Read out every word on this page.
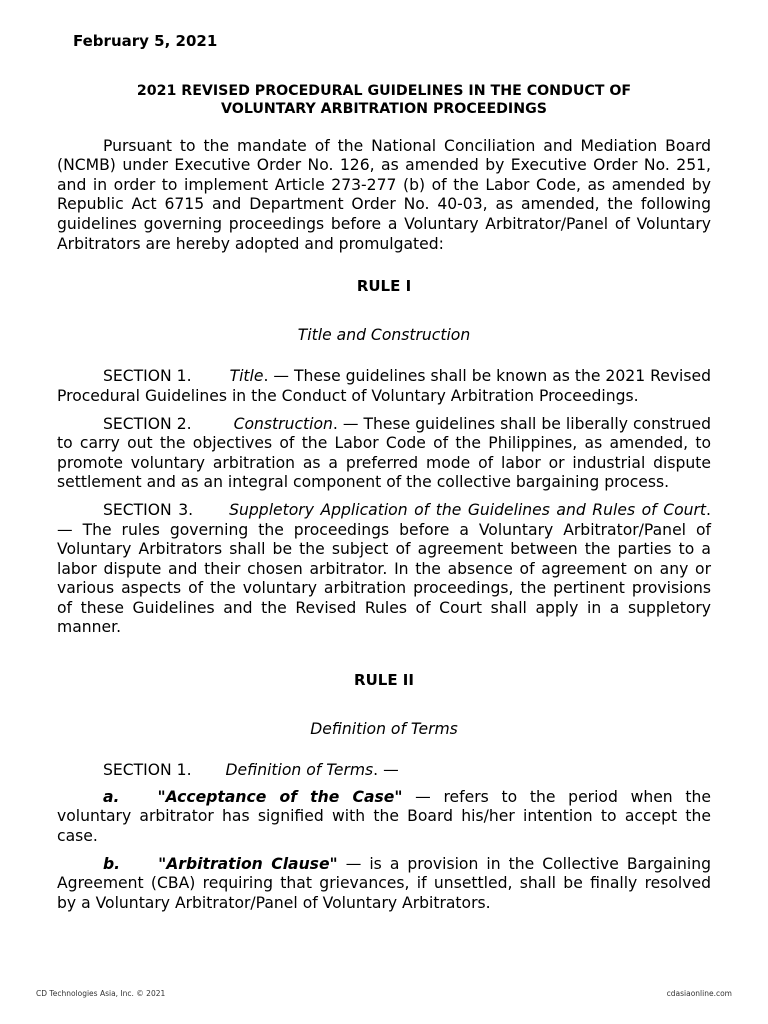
February 5, 2021
2021 REVISED PROCEDURAL GUIDELINES IN THE CONDUCT OF
VOLUNTARY ARBITRATION PROCEEDINGS

Pursuant to the mandate of the National Conciliation and Mediation Board (NCMB) under Executive Order No. 126, as amended by Executive Order No. 251, and in order to implement Article 273-277 (b) of the Labor Code, as amended by Republic Act 6715 and Department Order No. 40-03, as amended, the following guidelines governing proceedings before a Voluntary Arbitrator/Panel of Voluntary Arbitrators are hereby adopted and promulgated:

RULE I
Title and Construction

SECTION 1. Title. — These guidelines shall be known as the 2021 Revised Procedural Guidelines in the Conduct of Voluntary Arbitration Proceedings.

SECTION 2.	Construction. — These guidelines shall be liberally construed to carry out the objectives of the Labor Code of the Philippines, as amended, to promote voluntary arbitration as a preferred mode of labor or industrial dispute settlement and as an integral component of the collective bargaining process.

SECTION 3. Suppletory Application of the Guidelines and Rules of Court. — The rules governing the proceedings before a Voluntary Arbitrator/Panel of Voluntary Arbitrators shall be the subject of agreement between the parties to a labor dispute and their chosen arbitrator. In the absence of agreement on any or various aspects of the voluntary arbitration proceedings, the pertinent provisions of these Guidelines and the Revised Rules of Court shall apply in a suppletory manner.

RULE II
Definition of Terms

SECTION 1. Definition of Terms. —

a. "Acceptance of the Case" — refers to the period when the voluntary arbitrator has signified with the Board his/her intention to accept the case.

b. "Arbitration Clause" — is a provision in the Collective Bargaining Agreement (CBA) requiring that grievances, if unsettled, shall be finally resolved by a Voluntary Arbitrator/Panel of Voluntary Arbitrators.

CD Technologies Asia, Inc. © 2021	cdasiaonline.com
